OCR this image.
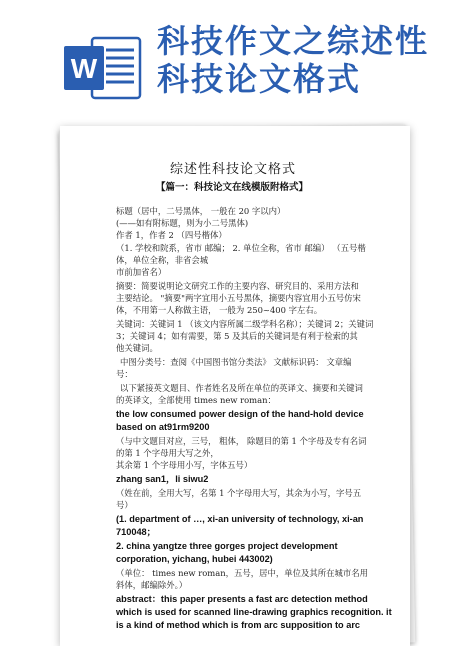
W
科技作文之综述性
科技论文格式
综述性科技论文格式
【篇一：科技论文在线模版附格式】
标题（居中，二号黑体， 一般在 20 字以内）
(——如有附标题，则为小二号黑体)
作者 1，作者 2 （四号楷体）
（1. 学校和院系，省市 邮编； 2. 单位全称，省市 邮编） （五号楷
体，单位全称，非省会城
市前加省名）
摘要：简要说明论文研究工作的主要内容、研究目的、采用方法和
主要结论。 "摘要"两字宜用小五号黑体，摘要内容宜用小五号仿宋
体，不用第一人称做主语， 一般为 250~400 字左右。
关键词：关键词 1 （该文内容所属二级学科名称）；关键词 2；关键词
3；关键词 4；如有需要，第 5 及其后的关键词是有利于检索的其
他关键词。
中图分类号：查阅《中国图书馆分类法》 文献标识码： 文章编
号：
以下紧接英文题目、作者姓名及所在单位的英译文、摘要和关键词
的英译文，全部使用 times new roman：
the low consumed power design of the hand-hold device
based on at91rm9200
（与中文题目对应，三号， 粗体， 除题目的第 1 个字母及专有名词
的第 1 个字母用大写之外，
其余第 1 个字母用小写，字体五号）
zhang san1，li siwu2
（姓在前，全用大写，名第 1 个字母用大写，其余为小写，字号五
号）
(1. department of …, xi-an university of technology, xi-an
710048；
2. china yangtze three gorges project development
corporation, yichang, hubei 443002)
（单位： times new roman，五号，居中，单位及其所在城市名用
斜体，邮编除外。）
abstract：this paper presents a fast arc detection method
which is used for scanned line-drawing graphics recognition. it
is a kind of method which is from arc supposition to arc
